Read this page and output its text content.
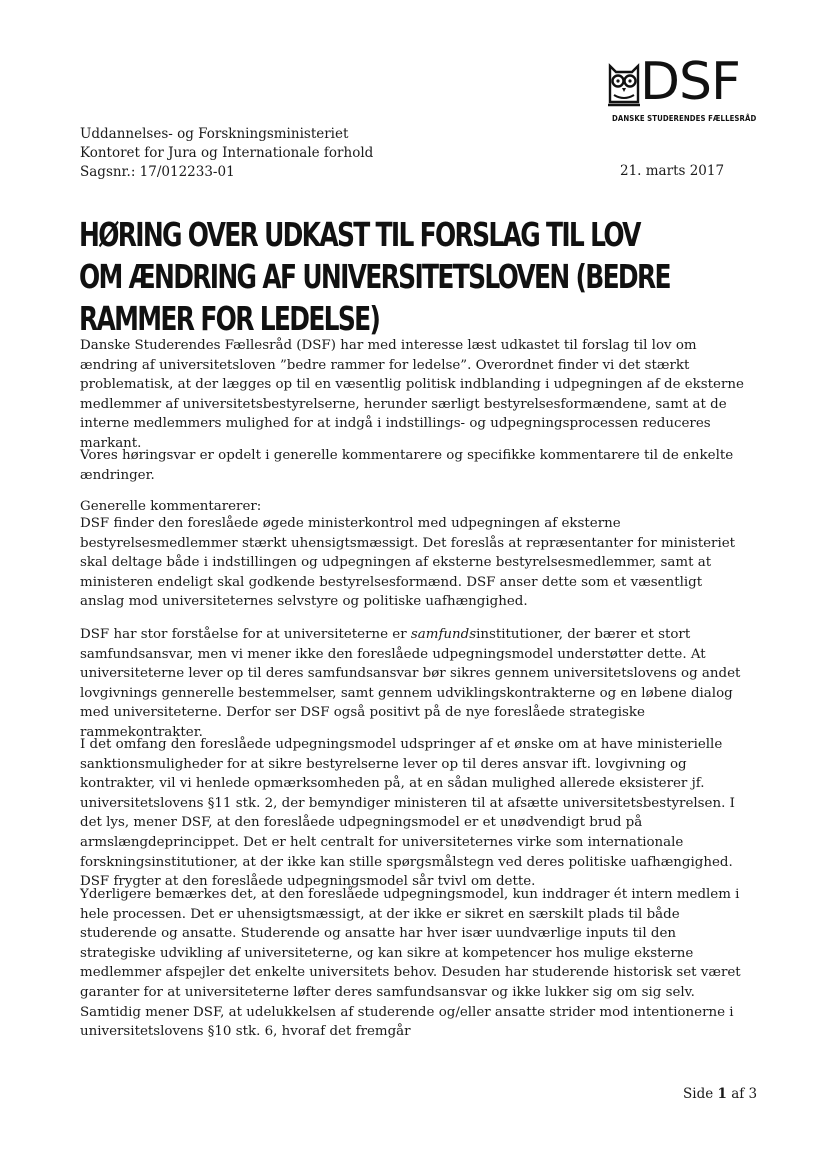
DSF
DANSKE STUDERENDES FÆLLESRÅD
Uddannelses- og Forskningsministeriet
Kontoret for Jura og Internationale forhold
Sagsnr.: 17/012233-01	21. marts 2017
HØRING OVER UDKAST TIL FORSLAG TIL LOV OM ÆNDRING AF UNIVERSITETSLOVEN (BEDRE RAMMER FOR LEDELSE)

Danske Studerendes Fællesråd (DSF) har med interesse læst udkastet til forslag til lov om ændring af universitetsloven ”bedre rammer for ledelse”. Overordnet finder vi det stærkt problematisk, at der lægges op til en væsentlig politisk indblanding i udpegningen af de eksterne medlemmer af universitetsbestyrelserne, herunder særligt bestyrelsesformændene, samt at de interne medlemmers mulighed for at indgå i indstillings- og udpegningsprocessen reduceres markant.

Vores høringsvar er opdelt i generelle kommentarere og specifikke kommentarere til de enkelte ændringer.

Generelle kommentarerer:

DSF finder den foreslåede øgede ministerkontrol med udpegningen af eksterne bestyrelsesmedlemmer stærkt uhensigtsmæssigt. Det foreslås at repræsentanter for ministeriet skal deltage både i indstillingen og udpegningen af eksterne bestyrelsesmedlemmer, samt at ministeren endeligt skal godkende bestyrelsesformænd. DSF anser dette som et væsentligt anslag mod universiteternes selvstyre og politiske uafhængighed.

DSF har stor forståelse for at universiteterne er samfundsinstitutioner, der bærer et stort samfundsansvar, men vi mener ikke den foreslåede udpegningsmodel understøtter dette. At universiteterne lever op til deres samfundsansvar bør sikres gennem universitetslovens og andet lovgivnings gennerelle bestemmelser, samt gennem udviklingskontrakterne og en løbene dialog med universiteterne. Derfor ser DSF også positivt på de nye foreslåede strategiske rammekontrakter.

I det omfang den foreslåede udpegningsmodel udspringer af et ønske om at have ministerielle sanktionsmuligheder for at sikre bestyrelserne lever op til deres ansvar ift. lovgivning og kontrakter, vil vi henlede opmærksomheden på, at en sådan mulighed allerede eksisterer jf. universitetslovens §11 stk. 2, der bemyndiger ministeren til at afsætte universitetsbestyrelsen. I det lys, mener DSF, at den foreslåede udpegningsmodel er et unødvendigt brud på armslængdeprincippet. Det er helt centralt for universiteternes virke som internationale forskningsinstitutioner, at der ikke kan stille spørgsmålstegn ved deres politiske uafhængighed. DSF frygter at den foreslåede udpegningsmodel sår tvivl om dette.

Yderligere bemærkes det, at den foreslåede udpegningsmodel, kun inddrager ét intern medlem i hele processen. Det er uhensigtsmæssigt, at der ikke er sikret en særskilt plads til både studerende og ansatte. Studerende og ansatte har hver især uundværlige inputs til den strategiske udvikling af universiteterne, og kan sikre at kompetencer hos mulige eksterne medlemmer afspejler det enkelte universitets behov. Desuden har studerende historisk set været garanter for at universiteterne løfter deres samfundsansvar og ikke lukker sig om sig selv. Samtidig mener DSF, at udelukkelsen af studerende og/eller ansatte strider mod intentionerne i universitetslovens §10 stk. 6, hvoraf det fremgår

Side 1 af 3
